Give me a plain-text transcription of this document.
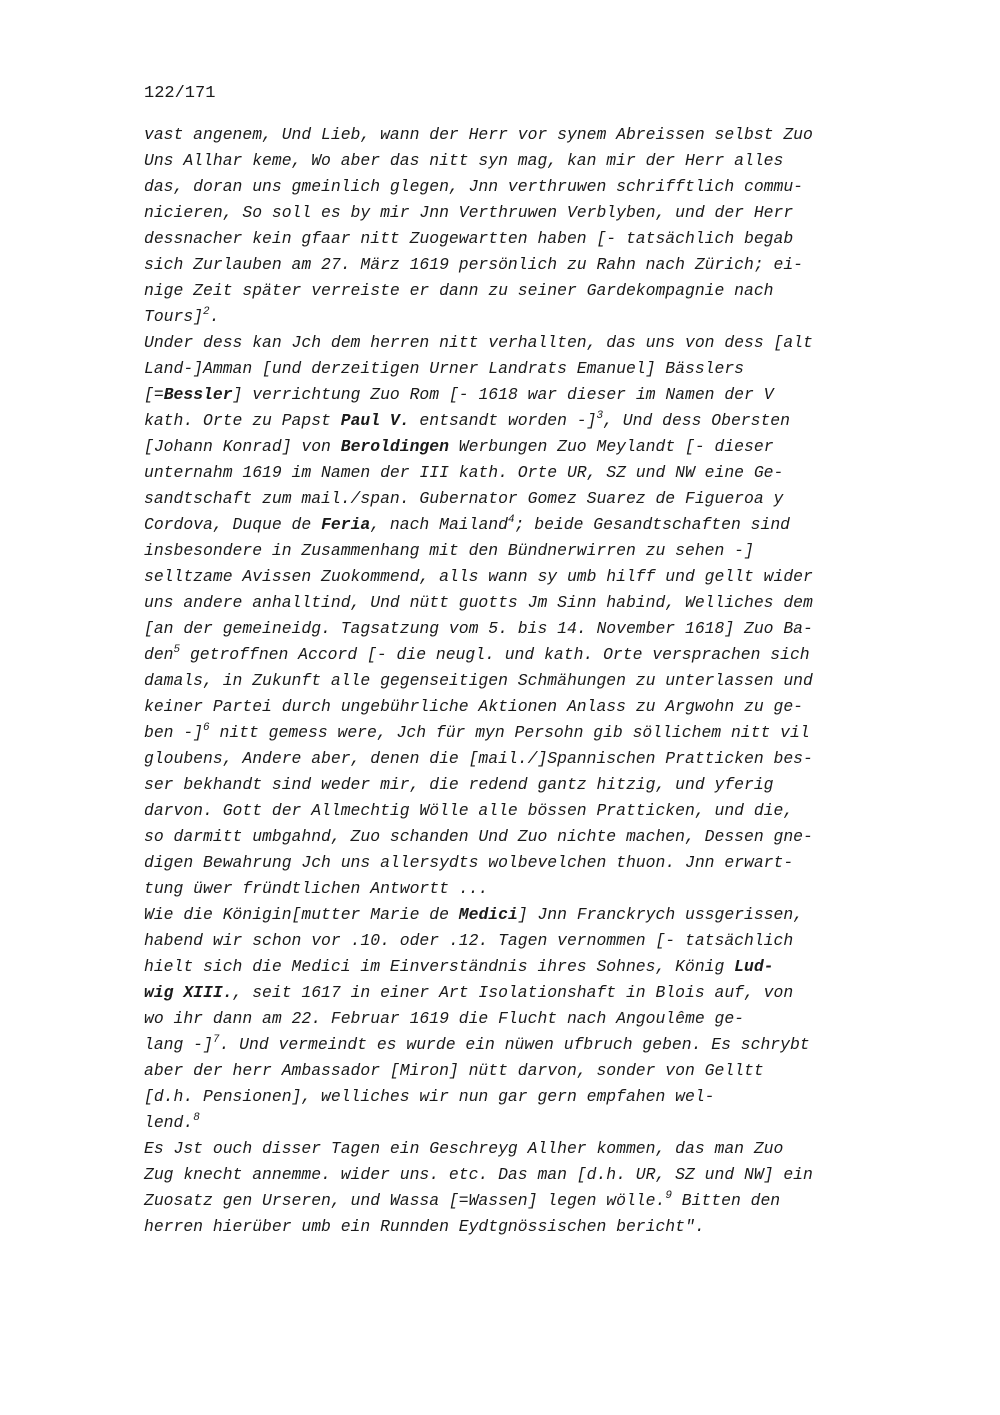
122/171
vast angenem, Und Lieb, wann der Herr vor synem Abreissen selbst Zuo
Uns Allhar keme, Wo aber das nitt syn mag, kan mir der Herr alles
das, doran uns gmeinlich glegen, Jnn verthruwen schrifftlich commu-
nicieren, So soll es by mir Jnn Verthruwen Verblyben, und der Herr
dessnacher kein gfaar nitt Zuogewartten haben [- tatsächlich begab
sich Zurlauben am 27. März 1619 persönlich zu Rahn nach Zürich; ei-
nige Zeit später verreiste er dann zu seiner Gardekompagnie nach
Tours]$^2$.
Under dess kan Jch dem herren nitt verhallten, das uns von dess [alt
Land-]Amman [und derzeitigen Urner Landrats Emanuel] Bässlers
[=Bessler] verrichtung Zuo Rom [- 1618 war dieser im Namen der V
kath. Orte zu Papst Paul V. entsandt worden -]$^3$, Und dess Obersten
[Johann Konrad] von Beroldingen Werbungen Zuo Meylandt [- dieser
unternahm 1619 im Namen der III kath. Orte UR, SZ und NW eine Ge-
sandtschaft zum mail./span. Gubernator Gomez Suarez de Figueroa y
Cordova, Duque de Feria, nach Mailand$^4$; beide Gesandtschaften sind
insbesondere in Zusammenhang mit den Bündnerwirren zu sehen -]
selltzame Avissen Zuokommend, alls wann sy umb hilff und gellt wider
uns andere anhalltind, Und nütt guotts Jm Sinn habind, Welliches dem
[an der gemeineidg. Tagsatzung vom 5. bis 14. November 1618] Zuo Ba-
den$^5$ getroffnen Accord [- die neugl. und kath. Orte versprachen sich
damals, in Zukunft alle gegenseitigen Schmähungen zu unterlassen und
keiner Partei durch ungebührliche Aktionen Anlass zu Argwohn zu ge-
ben -]$^6$ nitt gemess were, Jch für myn Persohn gib söllichem nitt vil
gloubens, Andere aber, denen die [mail./]Spannischen Pratticken bes-
ser bekhandt sind weder mir, die redend gantz hitzig, und yferig
darvon. Gott der Allmechtig Wölle alle bössen Pratticken, und die,
so darmitt umbgahnd, Zuo schanden Und Zuo nichte machen, Dessen gne-
digen Bewahrung Jch uns allersydts wolbevelchen thuon. Jnn erwart-
tung üwer fründtlichen Antwortt ...
Wie die Königin[mutter Marie de Medici] Jnn Franckrych ussgerissen,
habend wir schon vor .10. oder .12. Tagen vernommen [- tatsächlich
hielt sich die Medici im Einverständnis ihres Sohnes, König Lud-
wig XIII., seit 1617 in einer Art Isolationshaft in Blois auf, von
wo ihr dann am 22. Februar 1619 die Flucht nach Angoulême ge-
lang -]$^7$. Und vermeindt es wurde ein nüwen ufbruch geben. Es schrybt
aber der herr Ambassador [Miron] nütt darvon, sonder von Gelltt
[d.h. Pensionen], welliches wir nun gar gern empfahen wel-
lend.$^8$
Es Jst ouch disser Tagen ein Geschreyg Allher kommen, das man Zuo
Zug knecht annemme. wider uns. etc. Das man [d.h. UR, SZ und NW] ein
Zuosatz gen Urseren, und Wassa [=Wassen] legen wölle.$^9$ Bitten den
herren hierüber umb ein Runnden Eydtgnössischen bericht".
